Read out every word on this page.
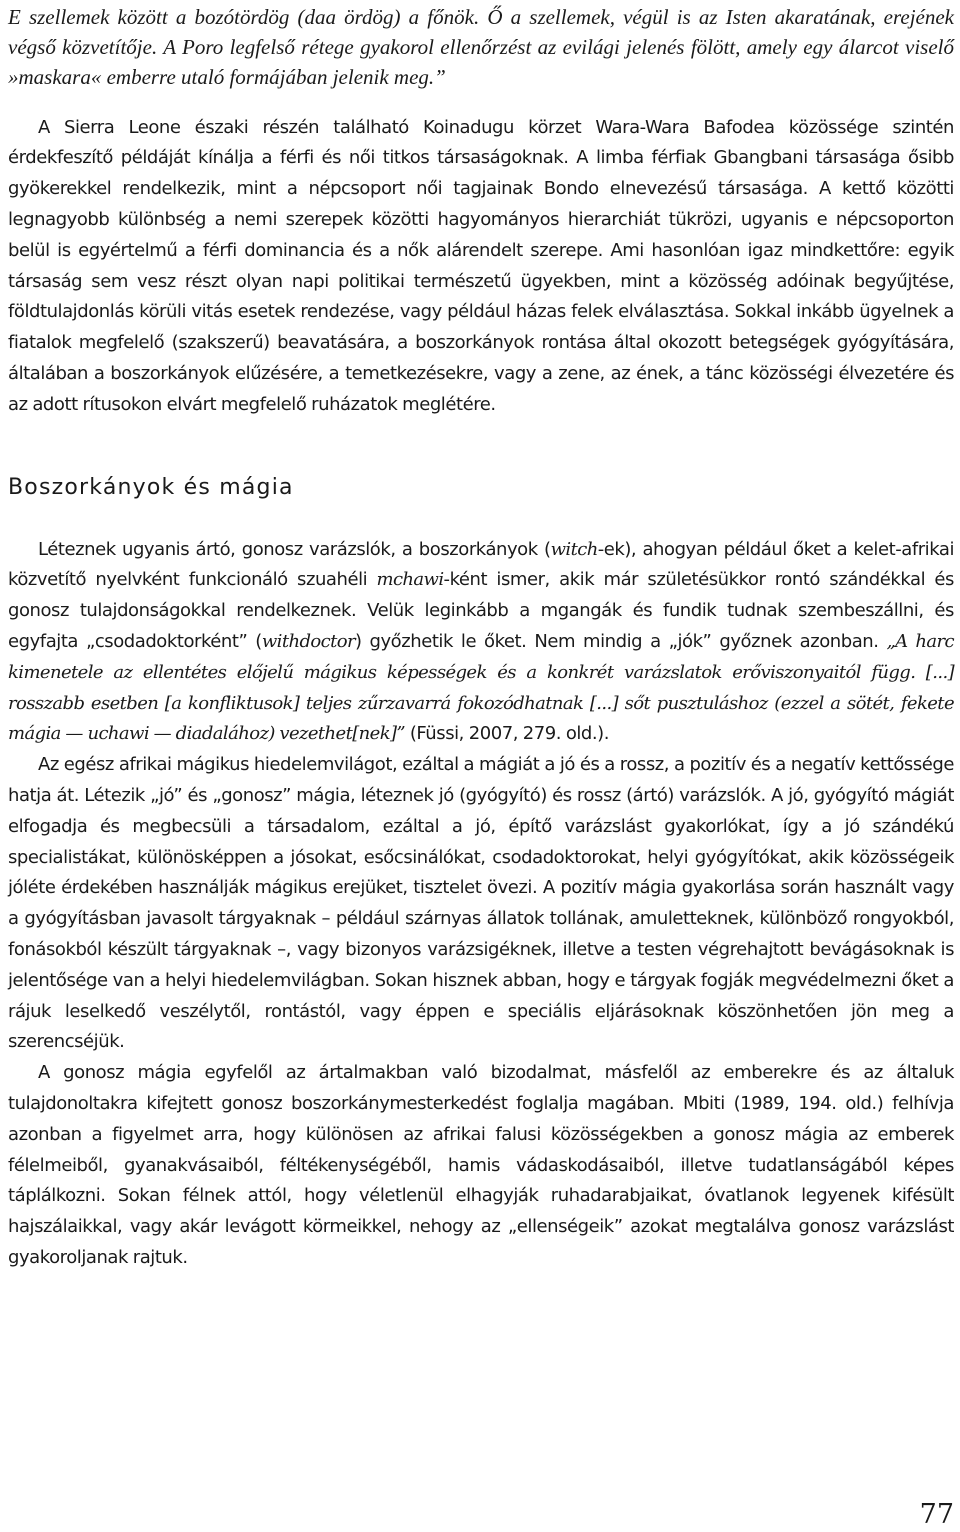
E szellemek között a bozótördög (daa ördög) a főnök. Ő a szellemek, végül is az Isten akaratának, erejének végső közvetítője. A Poro legfelső rétege gyakorol ellenőrzést az evilági jelenés fölött, amely egy álarcot viselő »maskara« emberre utaló formájában jelenik meg.”

A Sierra Leone északi részén található Koinadugu körzet Wara-Wara Bafodea közössége szintén érdekfeszítő példáját kínálja a férfi és női titkos társaságoknak. A limba férfiak Gbangbani társasága ősibb gyökerekkel rendelkezik, mint a népcsoport női tagjainak Bondo elnevezésű társasága. A kettő közötti legnagyobb különbség a nemi szerepek közötti hagyományos hierarchiát tükrözi, ugyanis e népcsoporton belül is egyértelmű a férfi dominancia és a nők alárendelt szerepe. Ami hasonlóan igaz mindkettőre: egyik társaság sem vesz részt olyan napi politikai természetű ügyekben, mint a közösség adóinak begyűjtése, földtulajdonlás körüli vitás esetek rendezése, vagy például házas felek elválasztása. Sokkal inkább ügyelnek a fiatalok megfelelő (szakszerű) beavatására, a boszorkányok rontása által okozott betegségek gyógyítására, általában a boszorkányok elűzésére, a temetkezésekre, vagy a zene, az ének, a tánc közösségi élvezetére és az adott rítusokon elvárt megfelelő ruházatok meglétére.

Boszorkányok és mágia

Léteznek ugyanis ártó, gonosz varázslók, a boszorkányok (witch-ek), ahogyan például őket a kelet-afrikai közvetítő nyelvként funkcionáló szuahéli mchawi-ként ismer, akik már születésükkor rontó szándékkal és gonosz tulajdonságokkal rendelkeznek. Velük leginkább a mgangák és fundik tudnak szembeszállni, és egyfajta „csodadoktorként” (withdoctor) győzhetik le őket. Nem mindig a „jók” győznek azonban. „A harc kimenetele az ellentétes előjelű mágikus képességek és a konkrét varázslatok erőviszonyaitól függ. [...] rosszabb esetben [a konfliktusok] teljes zűrzavarrá fokozódhatnak [...] sőt pusztuláshoz (ezzel a sötét, fekete mágia — uchawi — diadalához) vezethet[nek]” (Füssi, 2007, 279. old.).

Az egész afrikai mágikus hiedelemvilágot, ezáltal a mágiát a jó és a rossz, a pozitív és a negatív kettőssége hatja át. Létezik „jó” és „gonosz” mágia, léteznek jó (gyógyító) és rossz (ártó) varázslók. A jó, gyógyító mágiát elfogadja és megbecsüli a társadalom, ezáltal a jó, építő varázslást gyakorlókat, így a jó szándékú specialistákat, különösképpen a jósokat, esőcsinálókat, csodadoktorokat, helyi gyógyítókat, akik közösségeik jóléte érdekében használják mágikus erejüket, tisztelet övezi. A pozitív mágia gyakorlása során használt vagy a gyógyításban javasolt tárgyaknak – például szárnyas állatok tollának, amuletteknek, különböző rongyokból, fonásokból készült tárgyaknak –, vagy bizonyos varázsigéknek, illetve a testen végrehajtott bevágásoknak is jelentősége van a helyi hiedelemvilágban. Sokan hisznek abban, hogy e tárgyak fogják megvédelmezni őket a rájuk leselkedő veszélytől, rontástól, vagy éppen e speciális eljárásoknak köszönhetően jön meg a szerencséjük.

A gonosz mágia egyfelől az ártalmakban való bizodalmat, másfelől az emberekre és az általuk tulajdonoltakra kifejtett gonosz boszorkánymesterkedést foglalja magában. Mbiti (1989, 194. old.) felhívja azonban a figyelmet arra, hogy különösen az afrikai falusi közösségekben a gonosz mágia az emberek félelmeiből, gyanakvásaiból, féltékenységéből, hamis vádaskodásaiból, illetve tudatlanságából képes táplálkozni. Sokan félnek attól, hogy véletlenül elhagyják ruhadarabjaikat, óvatlanok legyenek kifésült hajszálaikkal, vagy akár levágott körmeikkel, nehogy az „ellenségeik” azokat megtalálva gonosz varázslást gyakoroljanak rajtuk.

77
